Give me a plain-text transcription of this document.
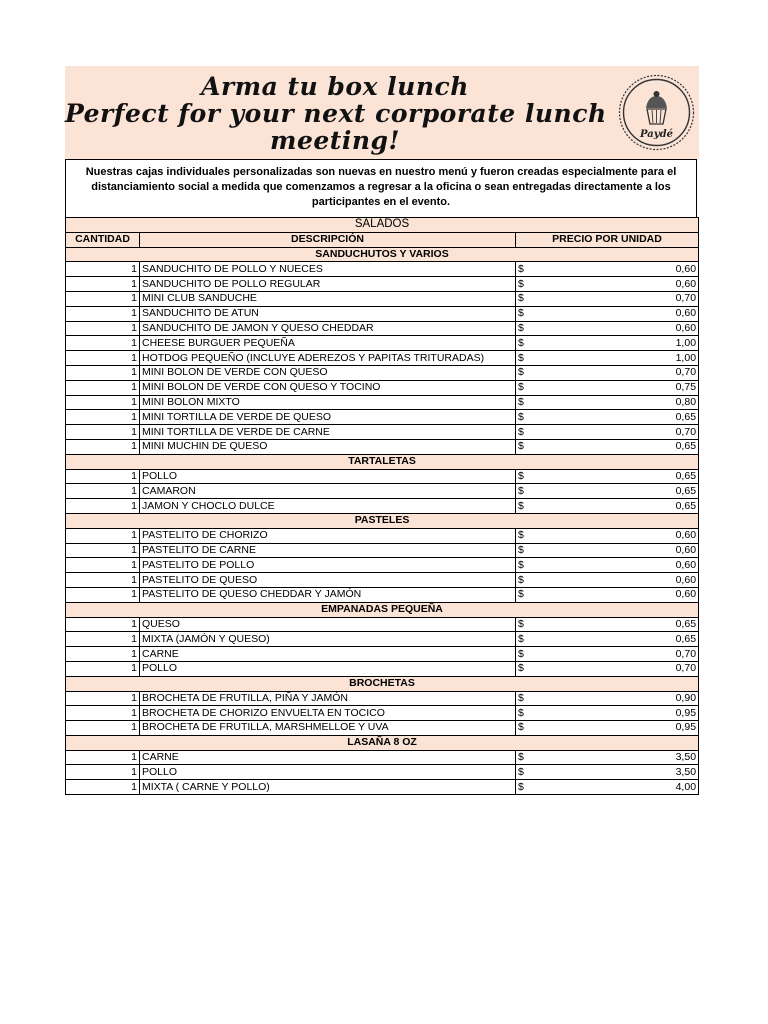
Arma tu box lunch
Perfect for your next corporate lunch
meeting!	Paydé
Nuestras cajas individuales personalizadas son nuevas en nuestro menú y fueron creadas especialmente para el distanciamiento social a medida que comenzamos a regresar a la oficina o sean entregadas directamente a los participantes en el evento.
SALADOS		
CANTIDAD	DESCRIPCIÓN	PRECIO POR UNIDAD
SANDUCHUTOS Y VARIOS		
1	SANDUCHITO DE POLLO Y NUECES	$ 0,60

1	SANDUCHITO DE POLLO REGULAR	$ 0,60

1	MINI CLUB SANDUCHE	$ 0,70

1	SANDUCHITO DE ATUN	$ 0,60

1	SANDUCHITO DE JAMON Y QUESO CHEDDAR	$ 0,60

1	CHEESE BURGUER PEQUEÑA	$ 1,00

1	HOTDOG PEQUEÑO (INCLUYE ADEREZOS Y PAPITAS TRITURADAS)	$ 1,00

1	MINI BOLON DE VERDE CON QUESO	$ 0,70

1	MINI BOLON DE VERDE CON QUESO Y TOCINO	$ 0,75

1	MINI BOLON MIXTO	$ 0,80

1	MINI TORTILLA DE VERDE DE QUESO	$ 0,65

1	MINI TORTILLA DE VERDE DE CARNE	$ 0,70

1	MINI MUCHIN DE QUESO	$ 0,65

TARTALETAS		
1	POLLO	$ 0,65

1	CAMARON	$ 0,65

1	JAMON Y CHOCLO DULCE	$ 0,65

PASTELES		
1	PASTELITO DE CHORIZO	$ 0,60

1	PASTELITO DE CARNE	$ 0,60

1	PASTELITO DE POLLO	$ 0,60

1	PASTELITO DE QUESO	$ 0,60

1	PASTELITO DE QUESO CHEDDAR Y JAMÓN	$ 0,60

EMPANADAS PEQUEÑA		
1	QUESO	$ 0,65

1	MIXTA (JAMÓN Y QUESO)	$ 0,65

1	CARNE	$ 0,70

1	POLLO	$ 0,70

BROCHETAS		
1	BROCHETA DE FRUTILLA, PIÑA Y JAMÓN	$ 0,90

1	BROCHETA DE CHORIZO ENVUELTA EN TOCICO	$ 0,95

1	BROCHETA DE FRUTILLA, MARSHMELLOE Y UVA	$ 0,95

LASAÑA 8 OZ		
1	CARNE	$ 3,50

1	POLLO	$ 3,50

1	MIXTA ( CARNE Y POLLO)	$ 4,00
